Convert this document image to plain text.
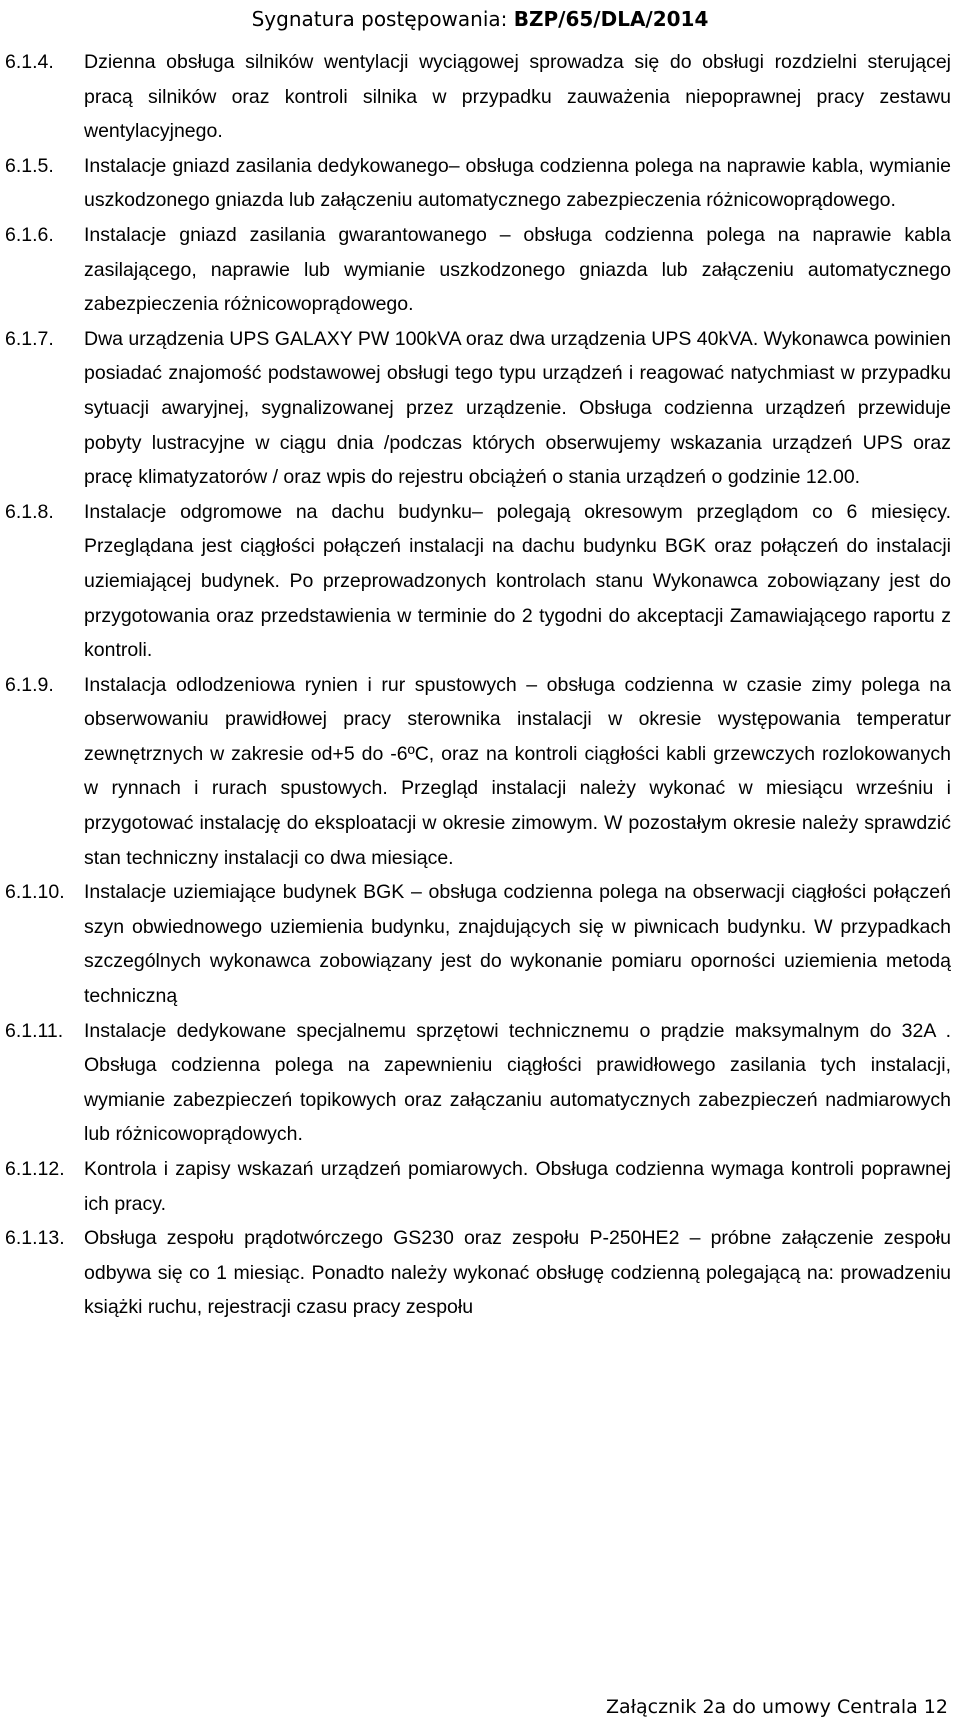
Sygnatura postępowania: BZP/65/DLA/2014
6.1.4.	Dzienna obsługa silników wentylacji wyciągowej sprowadza się do obsługi rozdzielni sterującej pracą silników oraz kontroli silnika w przypadku zauważenia niepoprawnej pracy zestawu wentylacyjnego.
6.1.5.	Instalacje gniazd zasilania dedykowanego– obsługa codzienna polega na naprawie kabla, wymianie uszkodzonego gniazda lub załączeniu automatycznego zabezpieczenia różnicowoprądowego.
6.1.6.	Instalacje gniazd zasilania gwarantowanego – obsługa codzienna polega na naprawie kabla zasilającego, naprawie lub wymianie uszkodzonego gniazda lub załączeniu automatycznego zabezpieczenia różnicowoprądowego.
6.1.7.	Dwa urządzenia UPS GALAXY PW 100kVA oraz dwa urządzenia UPS 40kVA. Wykonawca powinien posiadać znajomość podstawowej obsługi tego typu urządzeń i reagować natychmiast w przypadku sytuacji awaryjnej, sygnalizowanej przez urządzenie. Obsługa codzienna urządzeń przewiduje pobyty lustracyjne w ciągu dnia /podczas których obserwujemy wskazania urządzeń UPS oraz pracę klimatyzatorów / oraz wpis do rejestru obciążeń o stania urządzeń o godzinie 12.00.
6.1.8.	Instalacje odgromowe na dachu budynku– polegają okresowym przeglądom co 6 miesięcy. Przeglądana jest ciągłości połączeń instalacji na dachu budynku BGK oraz połączeń do instalacji uziemiającej budynek. Po przeprowadzonych kontrolach stanu Wykonawca zobowiązany jest do przygotowania oraz przedstawienia w terminie do 2 tygodni do akceptacji Zamawiającego raportu z kontroli.
6.1.9.	Instalacja odlodzeniowa rynien i rur spustowych – obsługa codzienna w czasie zimy polega na obserwowaniu prawidłowej pracy sterownika instalacji w okresie występowania temperatur zewnętrznych w zakresie od+5 do -6ºC, oraz na kontroli ciągłości kabli grzewczych rozlokowanych w rynnach i rurach spustowych. Przegląd instalacji należy wykonać w miesiącu wrześniu i przygotować instalację do eksploatacji w okresie zimowym. W pozostałym okresie należy sprawdzić stan techniczny instalacji co dwa miesiące.
6.1.10. Instalacje uziemiające budynek BGK – obsługa codzienna polega na obserwacji ciągłości połączeń szyn obwiednowego uziemienia budynku, znajdujących się w piwnicach budynku. W przypadkach szczególnych wykonawca zobowiązany jest do wykonanie pomiaru oporności uziemienia metodą techniczną
6.1.11.	Instalacje dedykowane specjalnemu sprzętowi technicznemu o prądzie maksymalnym do 32A . Obsługa codzienna polega na zapewnieniu ciągłości prawidłowego zasilania tych instalacji, wymianie zabezpieczeń topikowych oraz załączaniu automatycznych zabezpieczeń nadmiarowych lub różnicowoprądowych.
6.1.12. Kontrola i zapisy wskazań urządzeń pomiarowych. Obsługa codzienna wymaga kontroli poprawnej ich pracy.
6.1.13. Obsługa zespołu prądotwórczego GS230 oraz zespołu P-250HE2 – próbne załączenie zespołu odbywa się co 1 miesiąc. Ponadto należy wykonać obsługę codzienną polegającą na: prowadzeniu książki ruchu, rejestracji czasu pracy zespołu
Załącznik 2a do umowy Centrala 12
